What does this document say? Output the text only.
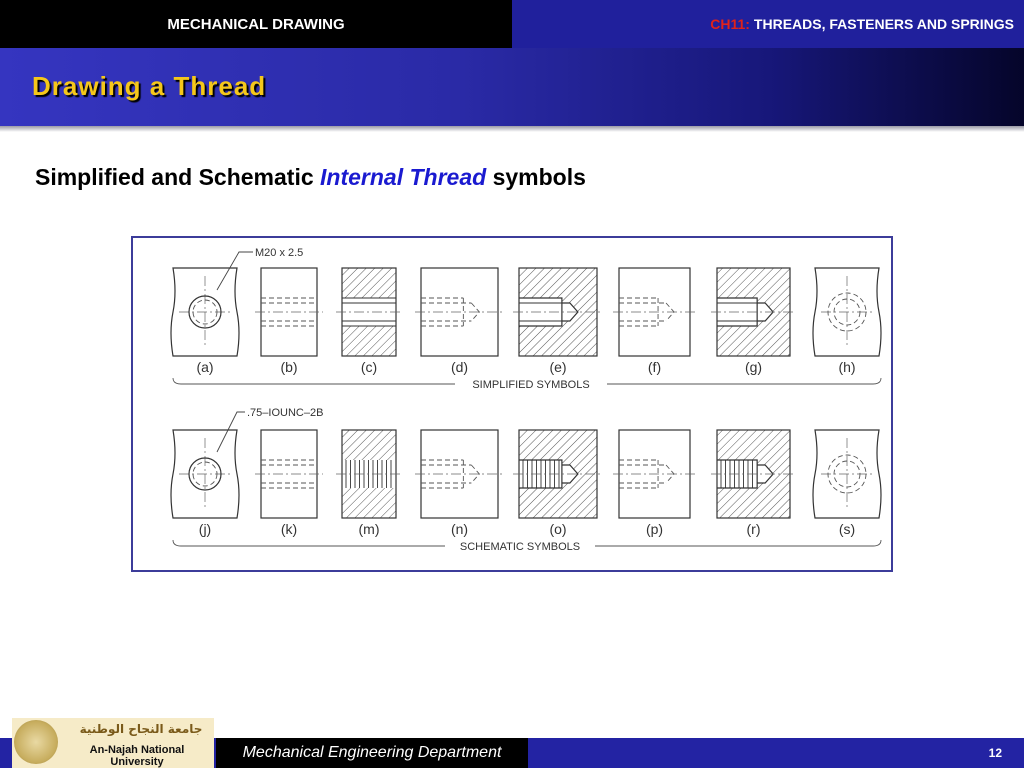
MECHANICAL DRAWING	CH11: THREADS, FASTENERS AND SPRINGS
Drawing a Thread
Simplified and Schematic Internal Thread symbols
(a)	(b)	(c)	(d)	(e)	(f)	(g)	(h)
(j)	(k)	(m)	(n)	(o)	(p)	(r)	(s)
M20 x 2.5
.75–IOUNC–2B
SIMPLIFIED SYMBOLS
SCHEMATIC SYMBOLS
Mechanical Engineering Department	12
جامعة النجاح الوطنية
An-Najah National University
